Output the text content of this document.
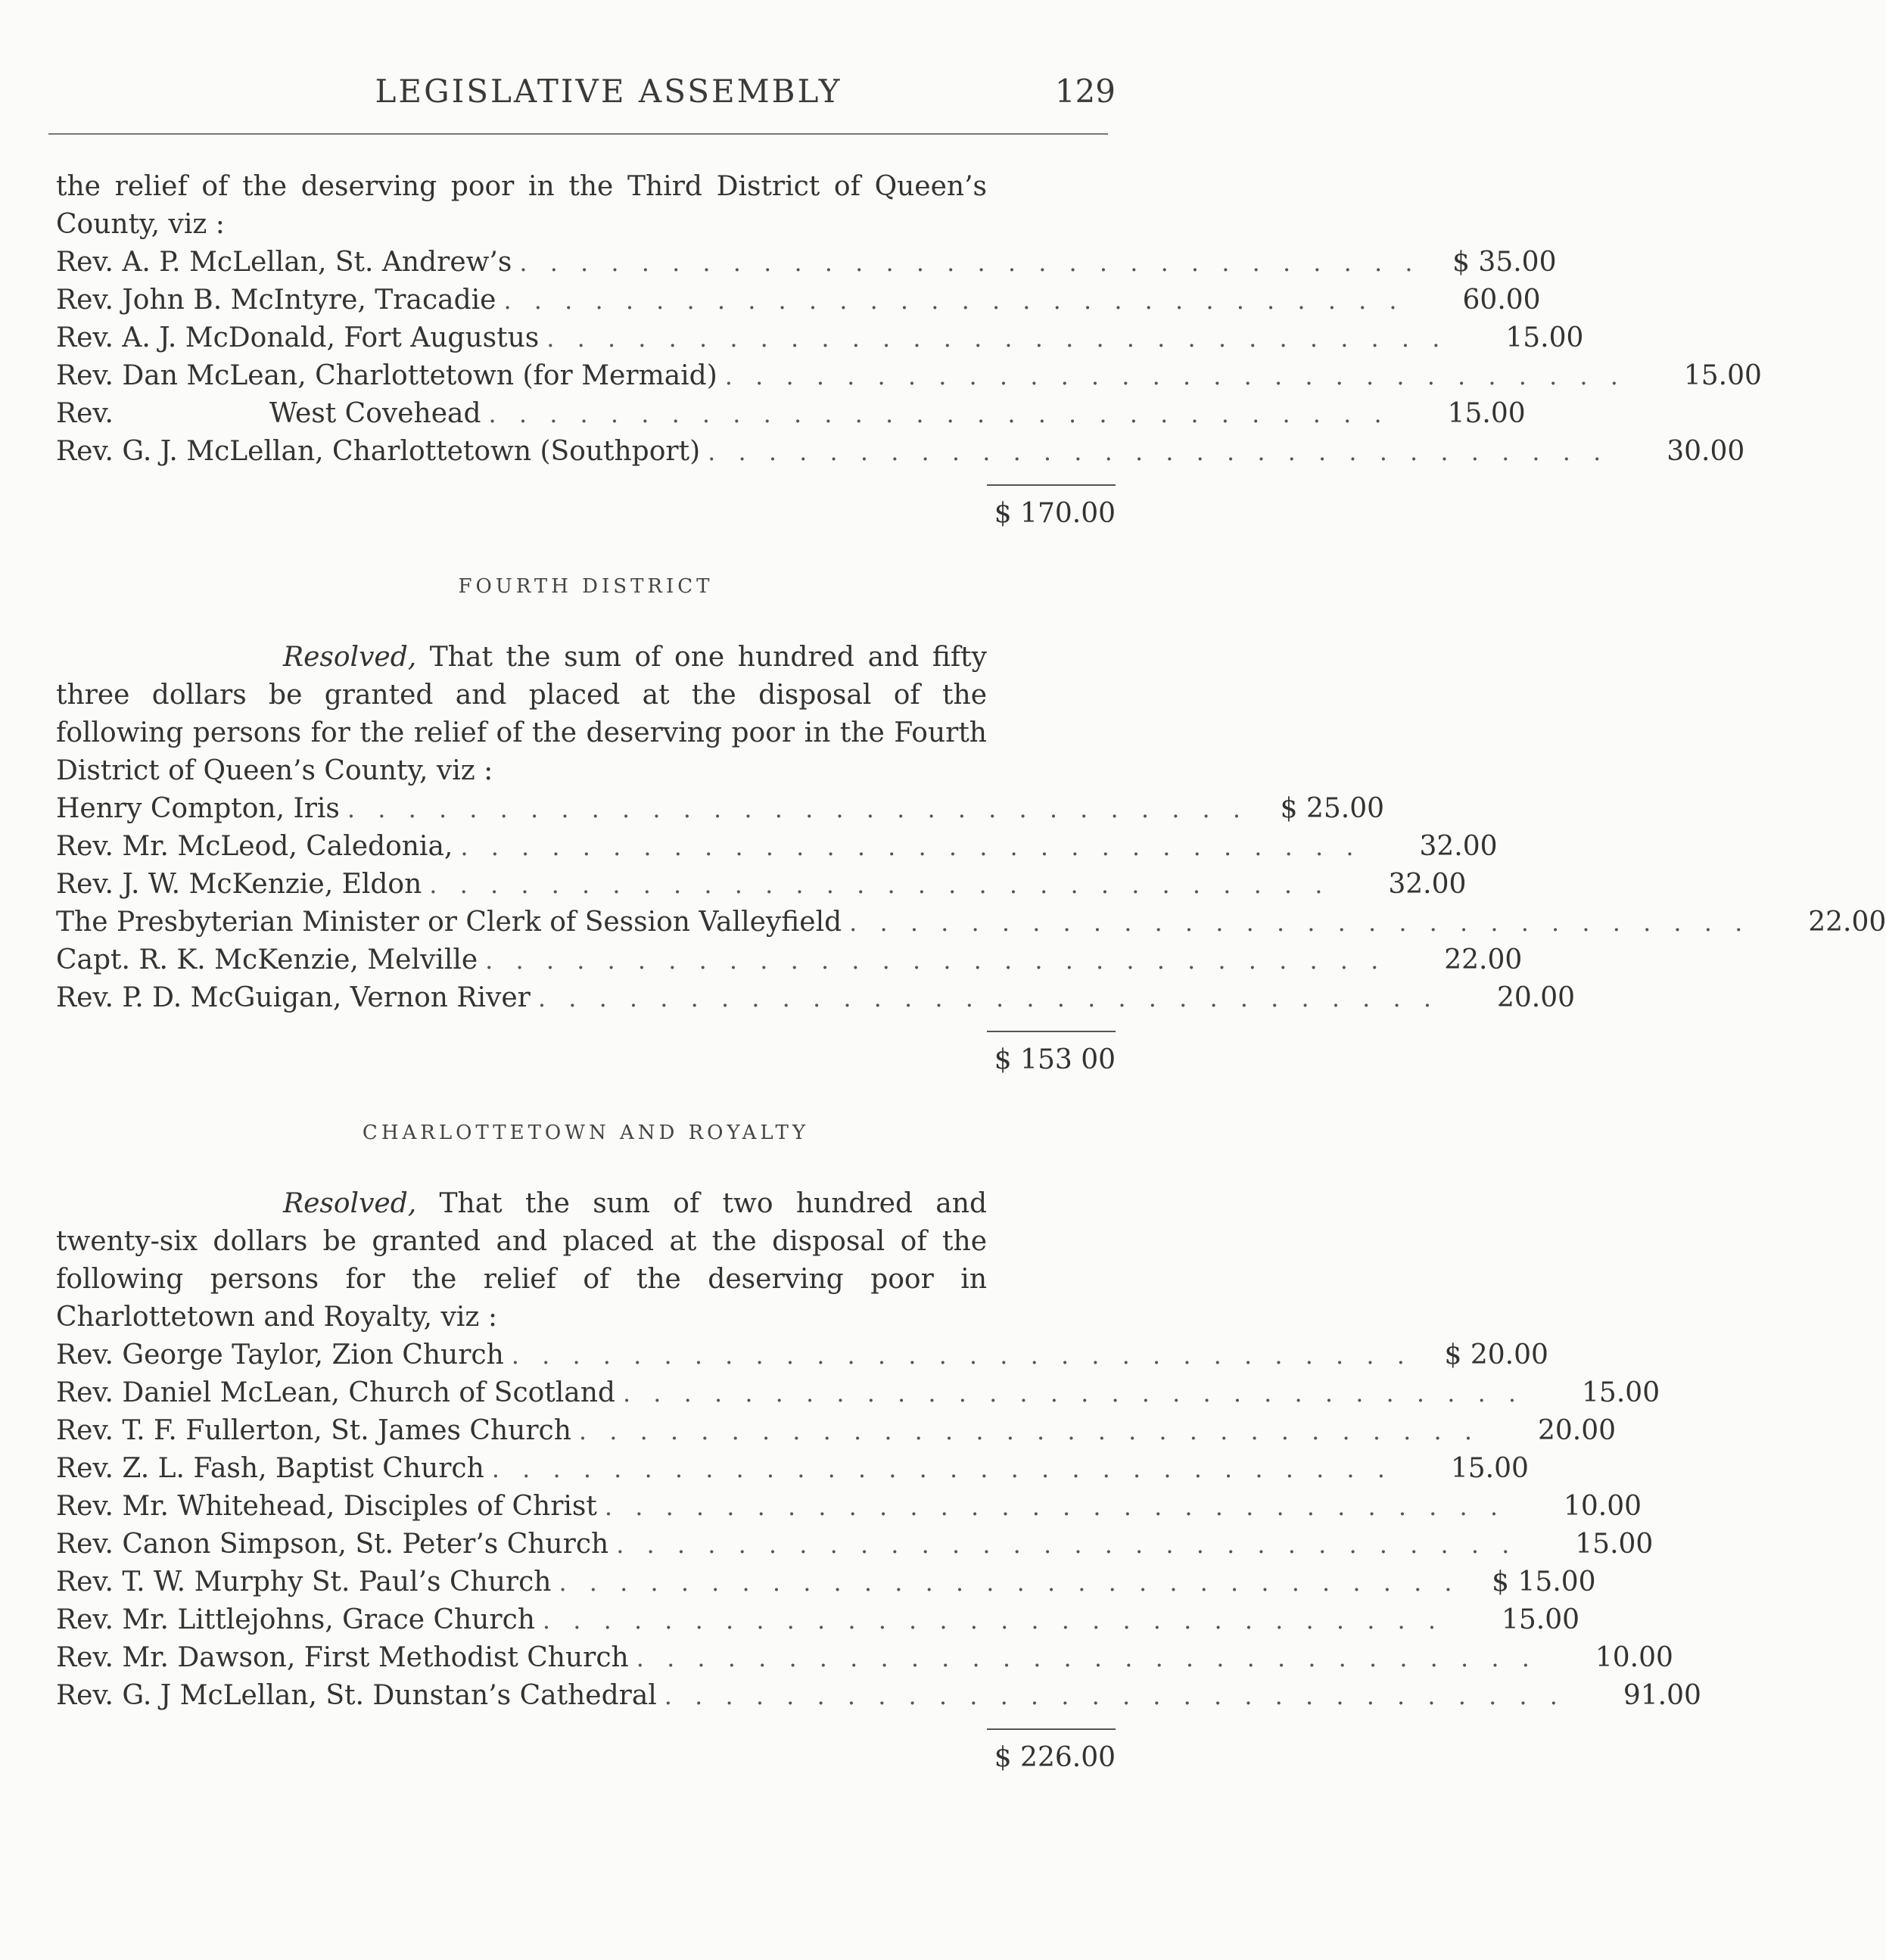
LEGISLATIVE ASSEMBLY	129

the relief of the deserving poor in the Third District of Queen’s County, viz :

Rev. A. P. McLellan, St. Andrew’s . . . . . . . . . . . . . . . . . . . . . . . . . . . . . .	$ 35.00
Rev. John B. McIntyre, Tracadie . . . . . . . . . . . . . . . . . . . . . . . . . . . . . .	60.00
Rev. A. J. McDonald, Fort Augustus . . . . . . . . . . . . . . . . . . . . . . . . . . . . . .	15.00
Rev. Dan McLean, Charlottetown (for Mermaid) . . . . . . . . . . . . . . . . . . . . . . . . . . . . . .	15.00
Rev.                  West Covehead . . . . . . . . . . . . . . . . . . . . . . . . . . . . . .	15.00
Rev. G. J. McLellan, Charlottetown (Southport) . . . . . . . . . . . . . . . . . . . . . . . . . . . . . .	30.00
$ 170.00
FOURTH DISTRICT

Resolved, That the sum of one hundred and fifty three dollars be granted and placed at the disposal of the following persons for the relief of the deserving poor in the Fourth District of Queen’s County, viz :

Henry Compton, Iris . . . . . . . . . . . . . . . . . . . . . . . . . . . . . .	$ 25.00
Rev. Mr. McLeod, Caledonia, . . . . . . . . . . . . . . . . . . . . . . . . . . . . . .	32.00
Rev. J. W. McKenzie, Eldon . . . . . . . . . . . . . . . . . . . . . . . . . . . . . .	32.00
The Presbyterian Minister or Clerk of Session Valleyfield . . . . . . . . . . . . . . . . . . . . . . . . . . . . . .	22.00
Capt. R. K. McKenzie, Melville . . . . . . . . . . . . . . . . . . . . . . . . . . . . . .	22.00
Rev. P. D. McGuigan, Vernon River . . . . . . . . . . . . . . . . . . . . . . . . . . . . . .	20.00
$ 153 00
CHARLOTTETOWN AND ROYALTY

Resolved, That the sum of two hundred and twenty-six dollars be granted and placed at the disposal of the following persons for the relief of the deserving poor in Charlottetown and Royalty, viz :

Rev. George Taylor, Zion Church . . . . . . . . . . . . . . . . . . . . . . . . . . . . . .	$ 20.00
Rev. Daniel McLean, Church of Scotland . . . . . . . . . . . . . . . . . . . . . . . . . . . . . .	15.00
Rev. T. F. Fullerton, St. James Church . . . . . . . . . . . . . . . . . . . . . . . . . . . . . .	20.00
Rev. Z. L. Fash, Baptist Church . . . . . . . . . . . . . . . . . . . . . . . . . . . . . .	15.00
Rev. Mr. Whitehead, Disciples of Christ . . . . . . . . . . . . . . . . . . . . . . . . . . . . . .	10.00
Rev. Canon Simpson, St. Peter’s Church . . . . . . . . . . . . . . . . . . . . . . . . . . . . . .	15.00
Rev. T. W. Murphy St. Paul’s Church . . . . . . . . . . . . . . . . . . . . . . . . . . . . . .	$ 15.00
Rev. Mr. Littlejohns, Grace Church . . . . . . . . . . . . . . . . . . . . . . . . . . . . . .	15.00
Rev. Mr. Dawson, First Methodist Church . . . . . . . . . . . . . . . . . . . . . . . . . . . . . .	10.00
Rev. G. J McLellan, St. Dunstan’s Cathedral . . . . . . . . . . . . . . . . . . . . . . . . . . . . . .	91.00
$ 226.00
